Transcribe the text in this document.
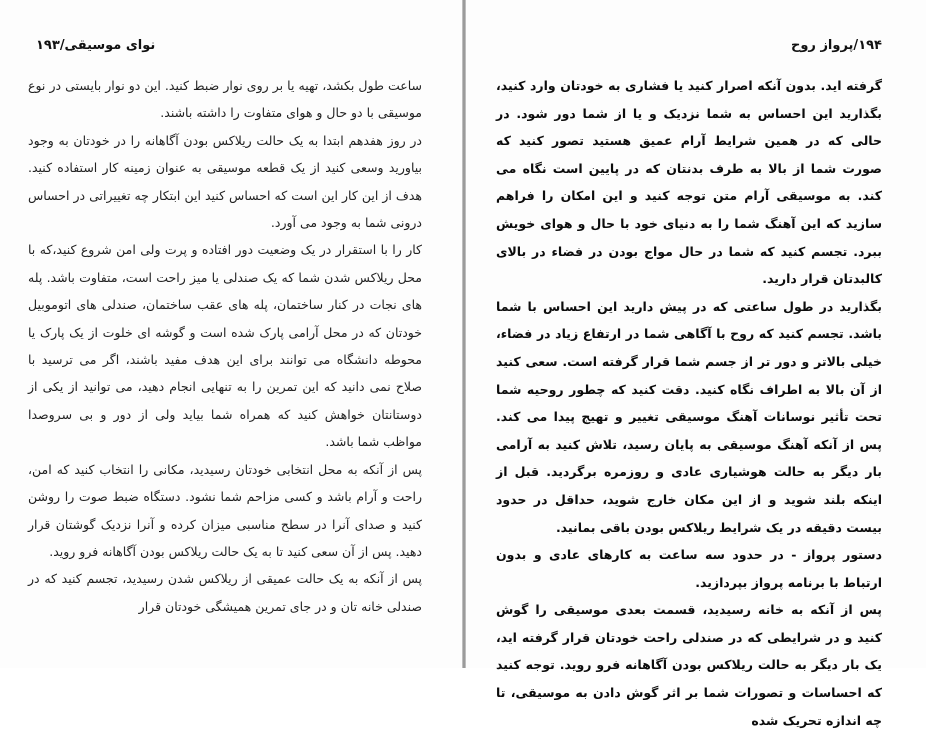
نوای موسیقی/۱۹۳

ساعت طول بکشد، تهیه یا بر روی نوار ضبط کنید. این دو نوار بایستی در نوع موسیقی با دو حال و هوای متفاوت را داشته باشند.

در روز هفدهم ابتدا به یک حالت ریلاکس بودن آگاهانه را در خودتان به وجود بیاورید وسعی کنید از یک قطعه موسیقی به عنوان زمینه کار استفاده کنید. هدف از این کار این است که احساس کنید این ابتکار چه تغییراتی در احساس درونی شما به وجود می آورد.

کار را با استقرار در یک وضعیت دور افتاده و پرت ولی امن شروع کنید،که با محل ریلاکس شدن شما که یک صندلی یا میز راحت است، متفاوت باشد. پله های نجات در کنار ساختمان، پله های عقب ساختمان، صندلی های اتوموبیل خودتان که در محل آرامی پارک شده است و گوشه ای خلوت از یک پارک یا محوطه دانشگاه می توانند برای این هدف مفید باشند، اگر می ترسید با صلاح نمی دانید که این تمرین را به تنهایی انجام دهید، می توانید از یکی از دوستانتان خواهش کنید که همراه شما بیاید ولی از دور و بی سروصدا مواظب شما باشد.

پس از آنکه به محل انتخابی خودتان رسیدید، مکانی را انتخاب کنید که امن، راحت و آرام باشد و کسی مزاحم شما نشود. دستگاه ضبط صوت را روشن کنید و صدای آنرا در سطح مناسبی میزان کرده و آنرا نزدیک گوشتان قرار دهید. پس از آن سعی کنید تا به یک حالت ریلاکس بودن آگاهانه فرو روید.

پس از آنکه به یک حالت عمیقی از ریلاکس شدن رسیدید، تجسم کنید که در صندلی خانه تان و در جای تمرین همیشگی خودتان قرار

۱۹۴/پرواز روح

گرفته اید. بدون آنکه اصرار کنید یا فشاری به خودتان وارد کنید، بگذارید این احساس به شما نزدیک و یا از شما دور شود. در حالی که در همین شرایط آرام عمیق هستید تصور کنید که صورت شما از بالا به طرف بدنتان که در پایین است نگاه می کند. به موسیقی آرام متن توجه کنید و این امکان را فراهم سازید که این آهنگ شما را به دنیای خود با حال و هوای خویش ببرد. تجسم کنید که شما در حال مواج بودن در فضاء در بالای کالبدتان قرار دارید.

بگذارید در طول ساعتی که در پیش دارید این احساس با شما باشد. تجسم کنید که روح با آگاهی شما در ارتفاع زیاد در فضاء، خیلی بالاتر و دور تر از جسم شما قرار گرفته است. سعی کنید از آن بالا به اطراف نگاه کنید. دقت کنید که چطور روحیه شما تحت تأثیر نوسانات آهنگ موسیقی تغییر و تهیج پیدا می کند. پس از آنکه آهنگ موسیقی به پایان رسید، تلاش کنید به آرامی بار دیگر به حالت هوشیاری عادی و روزمره برگردید. قبل از اینکه بلند شوید و از این مکان خارج شوید، حداقل در حدود بیست دقیقه در یک شرایط ریلاکس بودن باقی بمانید.

دستور پرواز - در حدود سه ساعت به کارهای عادی و بدون ارتباط با برنامه پرواز بپردازید.

پس از آنکه به خانه رسیدید، قسمت بعدی موسیقی را گوش کنید و در شرایطی که در صندلی راحت خودتان قرار گرفته اید، یک بار دیگر به حالت ریلاکس بودن آگاهانه فرو روید. توجه کنید که احساسات و تصورات شما بر اثر گوش دادن به موسیقی، تا چه اندازه تحریک شده
